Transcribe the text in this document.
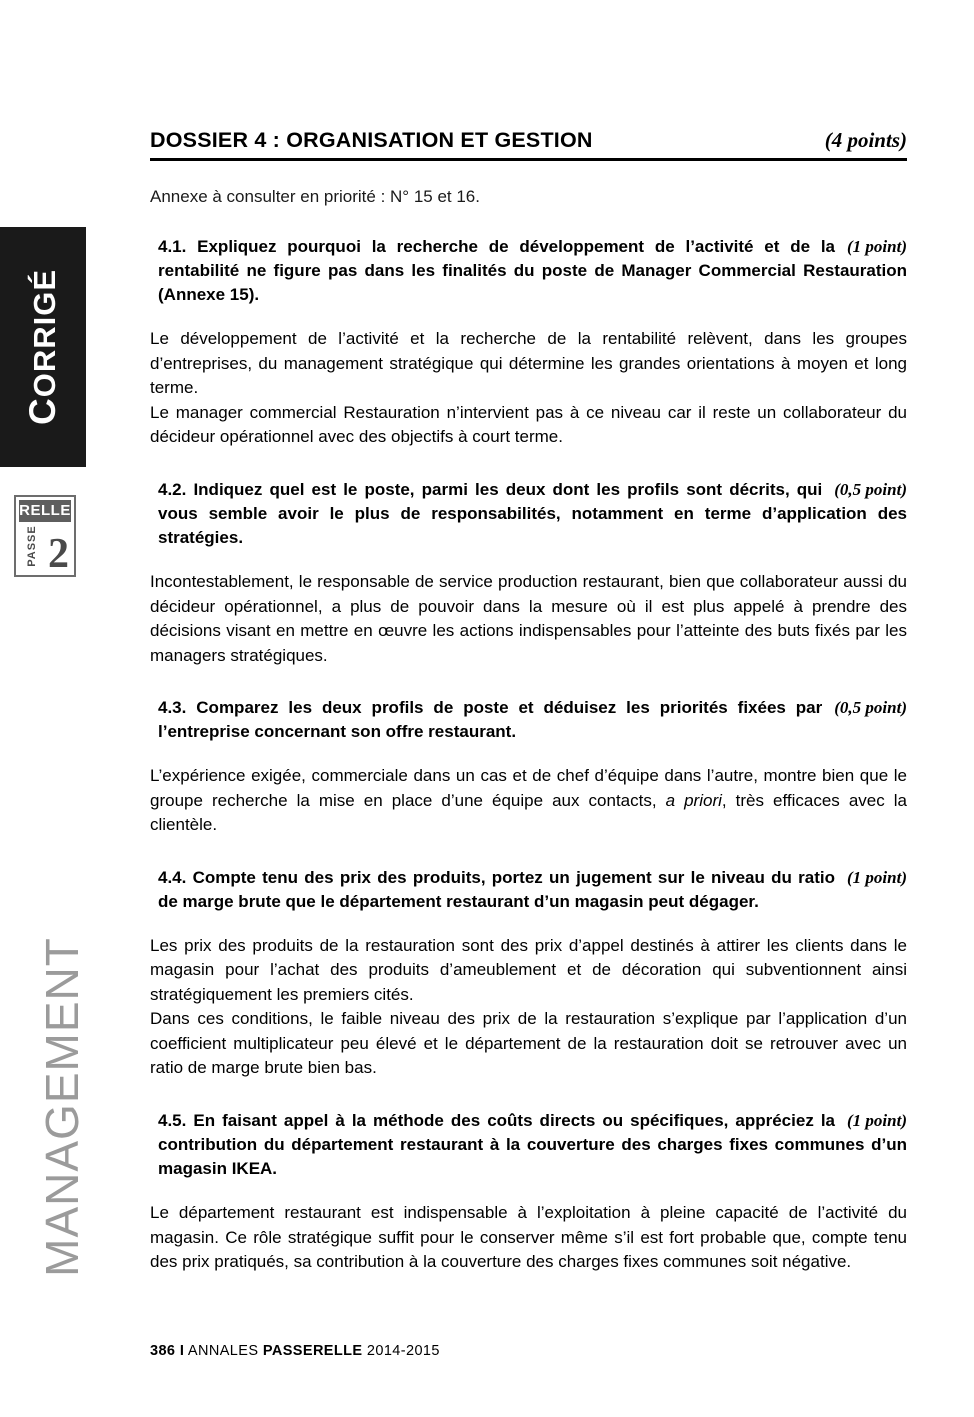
CORRIGÉ
RELLE
PASSE 2
MANAGEMENT
DOSSIER 4 : ORGANISATION ET GESTION	(4 points)
Annexe à consulter en priorité : N° 15 et 16.
(1 point)
4.1. Expliquez pourquoi la recherche de développement de l’activité et de la rentabilité ne figure pas dans les finalités du poste de Manager Commercial Restauration (Annexe 15).

Le développement de l’activité et la recherche de la rentabilité relèvent, dans les groupes d’entreprises, du management stratégique qui détermine les grandes orientations à moyen et long terme.

Le manager commercial Restauration n’intervient pas à ce niveau car il reste un collaborateur du décideur opérationnel avec des objectifs à court terme.

(0,5 point)
4.2. Indiquez quel est le poste, parmi les deux dont les profils sont décrits, qui vous semble avoir le plus de responsabilités, notamment en terme d’application des stratégies.

Incontestablement, le responsable de service production restaurant, bien que collaborateur aussi du décideur opérationnel, a plus de pouvoir dans la mesure où il est plus appelé à prendre des décisions visant en mettre en œuvre les actions indispensables pour l’atteinte des buts fixés par les managers stratégiques.

(0,5 point)
4.3. Comparez les deux profils de poste et déduisez les priorités fixées par l’entreprise concernant son offre restaurant.

L’expérience exigée, commerciale dans un cas et de chef d’équipe dans l’autre, montre bien que le groupe recherche la mise en place d’une équipe aux contacts, a priori, très efficaces avec la clientèle.

(1 point)
4.4. Compte tenu des prix des produits, portez un jugement sur le niveau du ratio de marge brute que le département restaurant d’un magasin peut dégager.

Les prix des produits de la restauration sont des prix d’appel destinés à attirer les clients dans le magasin pour l’achat des produits d’ameublement et de décoration qui subventionnent ainsi stratégiquement les premiers cités.

Dans ces conditions, le faible niveau des prix de la restauration s’explique par l’application d’un coefficient multiplicateur peu élevé et le département de la restauration doit se retrouver avec un ratio de marge brute bien bas.

(1 point)
4.5. En faisant appel à la méthode des coûts directs ou spécifiques, appréciez la contribution du département restaurant à la couverture des charges fixes communes d’un magasin IKEA.

Le département restaurant est indispensable à l’exploitation à pleine capacité de l’activité du magasin. Ce rôle stratégique suffit pour le conserver même s’il est fort probable que, compte tenu des prix pratiqués, sa contribution à la couverture des charges fixes communes soit négative.

386 I ANNALES PASSERELLE 2014-2015
